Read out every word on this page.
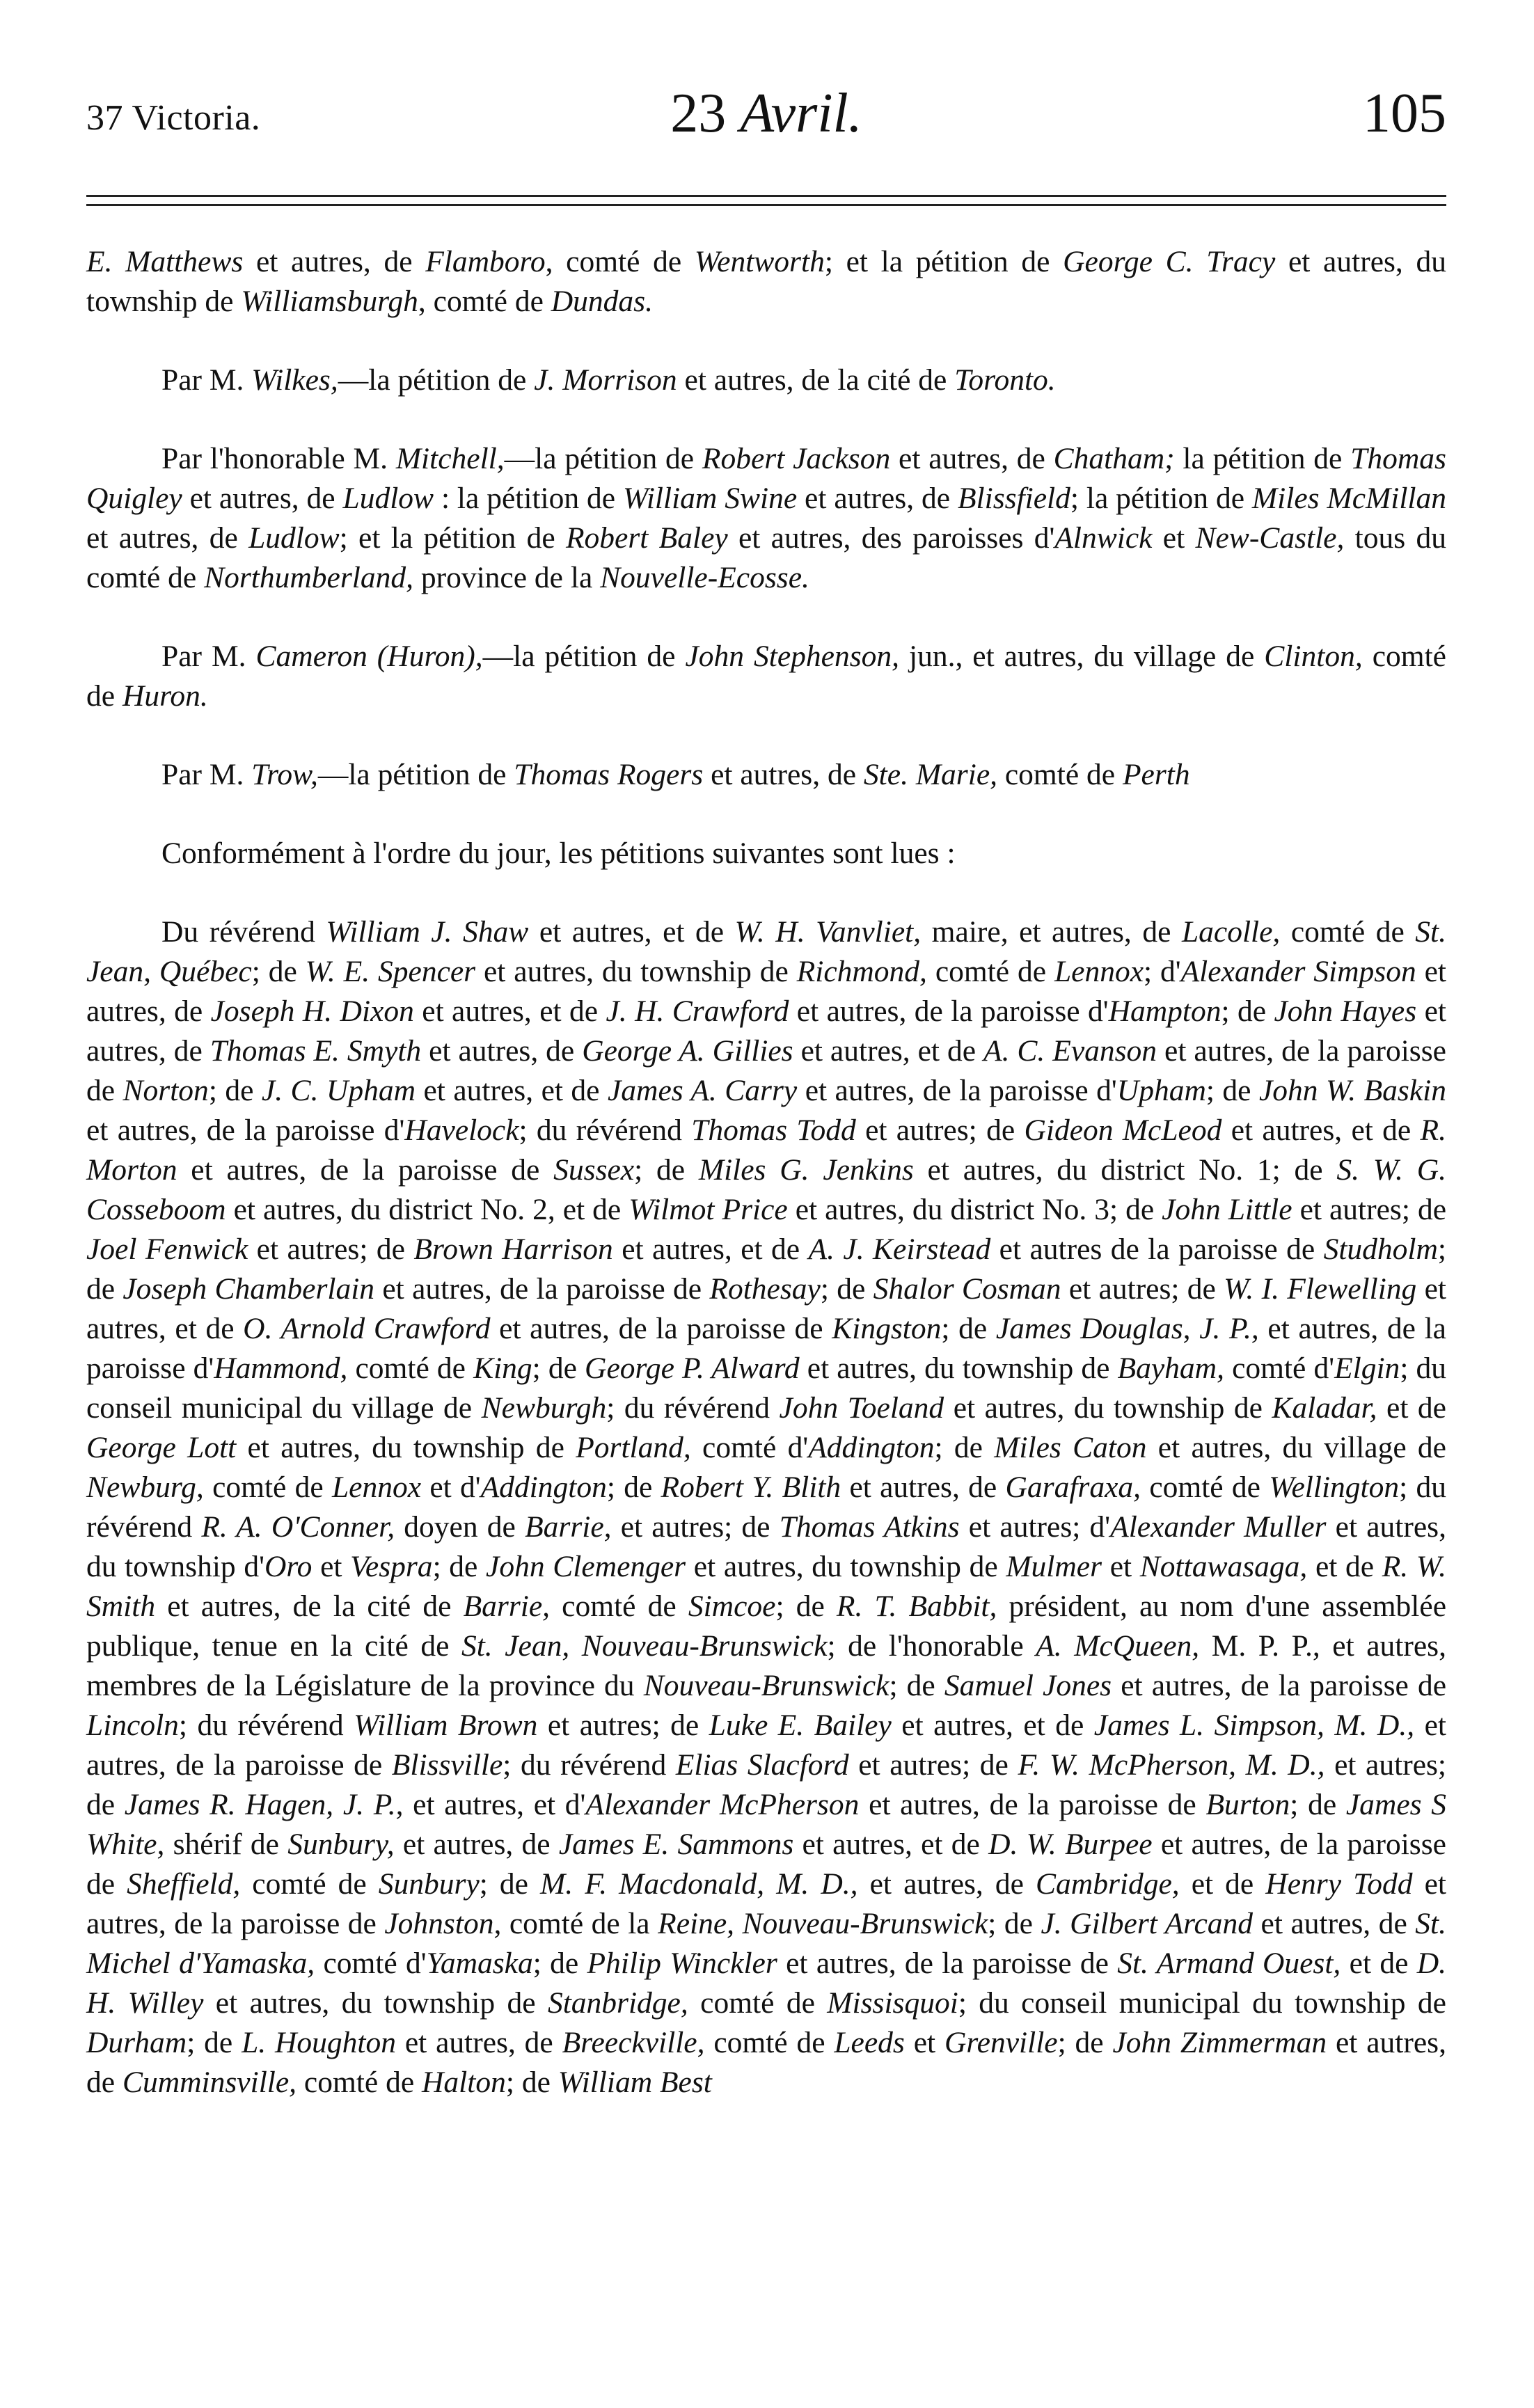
37 Victoria.	23 Avril.	105

E. Matthews et autres, de Flamboro, comté de Wentworth; et la pétition de George C. Tracy et autres, du township de Williamsburgh, comté de Dundas.

Par M. Wilkes,—la pétition de J. Morrison et autres, de la cité de Toronto.

Par l'honorable M. Mitchell,—la pétition de Robert Jackson et autres, de Chatham; la pétition de Thomas Quigley et autres, de Ludlow : la pétition de William Swine et autres, de Blissfield; la pétition de Miles McMillan et autres, de Ludlow; et la pétition de Robert Baley et autres, des paroisses d'Alnwick et New-Castle, tous du comté de Northumberland, province de la Nouvelle-Ecosse.

Par M. Cameron (Huron),—la pétition de John Stephenson, jun., et autres, du village de Clinton, comté de Huron.

Par M. Trow,—la pétition de Thomas Rogers et autres, de Ste. Marie, comté de Perth

Conformément à l'ordre du jour, les pétitions suivantes sont lues :

Du révérend William J. Shaw et autres, et de W. H. Vanvliet, maire, et autres, de Lacolle, comté de St. Jean, Québec; de W. E. Spencer et autres, du township de Richmond, comté de Lennox; d'Alexander Simpson et autres, de Joseph H. Dixon et autres, et de J. H. Crawford et autres, de la paroisse d'Hampton; de John Hayes et autres, de Thomas E. Smyth et autres, de George A. Gillies et autres, et de A. C. Evanson et autres, de la paroisse de Norton; de J. C. Upham et autres, et de James A. Carry et autres, de la paroisse d'Upham; de John W. Baskin et autres, de la paroisse d'Havelock; du révérend Thomas Todd et autres; de Gideon McLeod et autres, et de R. Morton et autres, de la paroisse de Sussex; de Miles G. Jenkins et autres, du district No. 1; de S. W. G. Cosseboom et autres, du district No. 2, et de Wilmot Price et autres, du district No. 3; de John Little et autres; de Joel Fenwick et autres; de Brown Harrison et autres, et de A. J. Keirstead et autres de la paroisse de Studholm; de Joseph Chamberlain et autres, de la paroisse de Rothesay; de Shalor Cosman et autres; de W. I. Flewelling et autres, et de O. Arnold Crawford et autres, de la paroisse de Kingston; de James Douglas, J. P., et autres, de la paroisse d'Hammond, comté de King; de George P. Alward et autres, du township de Bayham, comté d'Elgin; du conseil municipal du village de Newburgh; du révérend John Toeland et autres, du township de Kaladar, et de George Lott et autres, du township de Portland, comté d'Addington; de Miles Caton et autres, du village de Newburg, comté de Lennox et d'Addington; de Robert Y. Blith et autres, de Garafraxa, comté de Wellington; du révérend R. A. O'Conner, doyen de Barrie, et autres; de Thomas Atkins et autres; d'Alexander Muller et autres, du township d'Oro et Vespra; de John Clemenger et autres, du township de Mulmer et Nottawasaga, et de R. W. Smith et autres, de la cité de Barrie, comté de Simcoe; de R. T. Babbit, président, au nom d'une assemblée publique, tenue en la cité de St. Jean, Nouveau-Brunswick; de l'honorable A. McQueen, M. P. P., et autres, membres de la Législature de la province du Nouveau-Brunswick; de Samuel Jones et autres, de la paroisse de Lincoln; du révérend William Brown et autres; de Luke E. Bailey et autres, et de James L. Simpson, M. D., et autres, de la paroisse de Blissville; du révérend Elias Slacford et autres; de F. W. McPherson, M. D., et autres; de James R. Hagen, J. P., et autres, et d'Alexander McPherson et autres, de la paroisse de Burton; de James S White, shérif de Sunbury, et autres, de James E. Sammons et autres, et de D. W. Burpee et autres, de la paroisse de Sheffield, comté de Sunbury; de M. F. Macdonald, M. D., et autres, de Cambridge, et de Henry Todd et autres, de la paroisse de Johnston, comté de la Reine, Nouveau-Brunswick; de J. Gilbert Arcand et autres, de St. Michel d'Yamaska, comté d'Yamaska; de Philip Winckler et autres, de la paroisse de St. Armand Ouest, et de D. H. Willey et autres, du township de Stanbridge, comté de Missisquoi; du conseil municipal du township de Durham; de L. Houghton et autres, de Breeckville, comté de Leeds et Grenville; de John Zimmerman et autres, de Cumminsville, comté de Halton; de William Best
